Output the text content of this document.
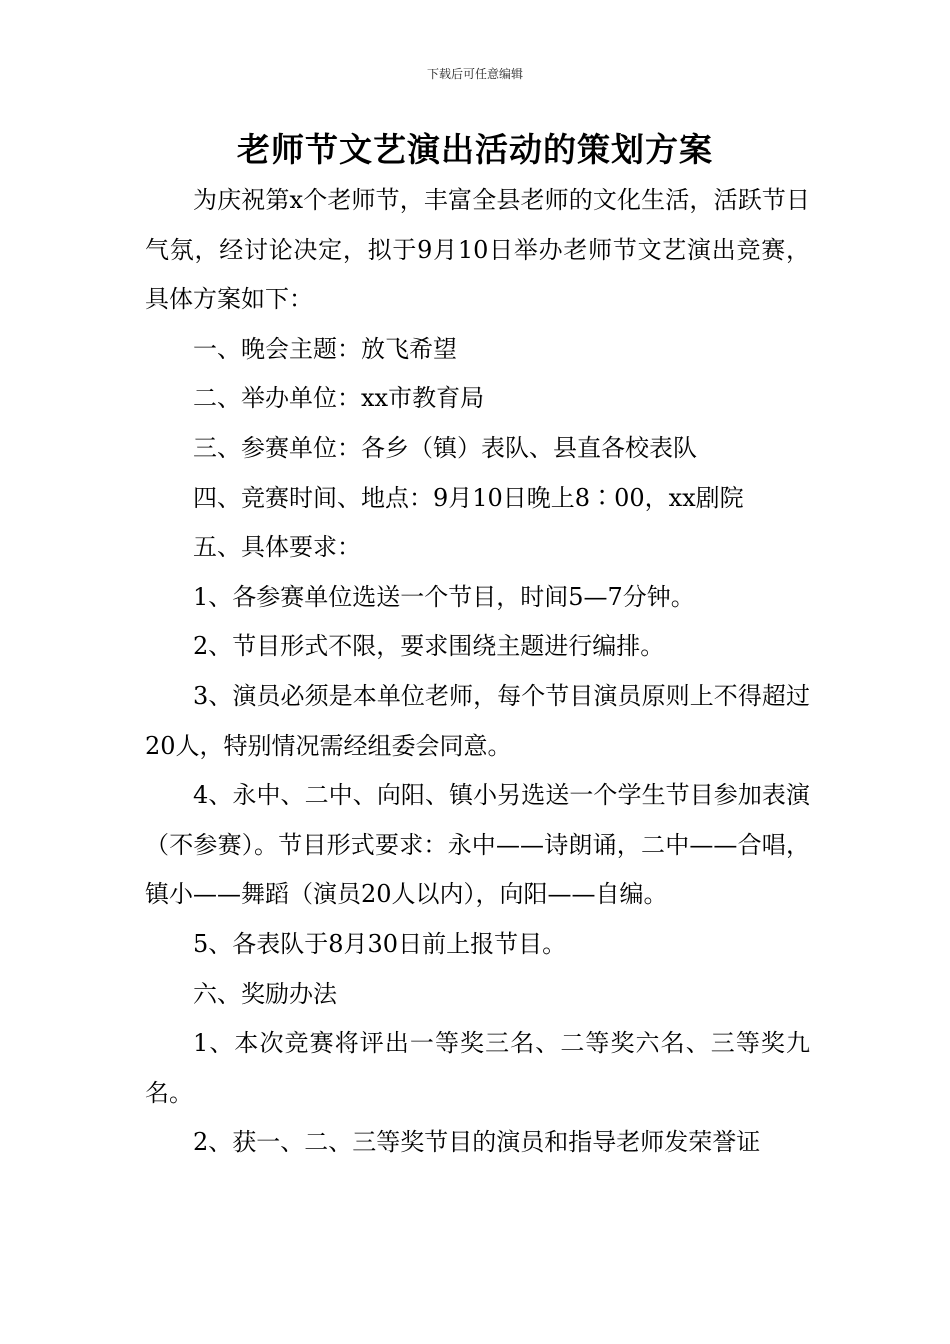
下载后可任意编辑
老师节文艺演出活动的策划方案

为庆祝第x个老师节，丰富全县老师的文化生活，活跃节日气氛，经讨论决定，拟于9月10日举办老师节文艺演出竞赛，具体方案如下：

一、晚会主题：放飞希望

二、举办单位：xx市教育局

三、参赛单位：各乡（镇）表队、县直各校表队

四、竞赛时间、地点：9月10日晚上8∶00，xx剧院

五、具体要求：

1、各参赛单位选送一个节目，时间5—7分钟。

2、节目形式不限，要求围绕主题进行编排。

3、演员必须是本单位老师，每个节目演员原则上不得超过20人，特别情况需经组委会同意。

4、永中、二中、向阳、镇小另选送一个学生节目参加表演（不参赛）。节目形式要求：永中——诗朗诵，二中——合唱，镇小——舞蹈（演员20人以内），向阳——自编。

5、各表队于8月30日前上报节目。

六、奖励办法

1、本次竞赛将评出一等奖三名、二等奖六名、三等奖九名。

2、获一、二、三等奖节目的演员和指导老师发荣誉证
